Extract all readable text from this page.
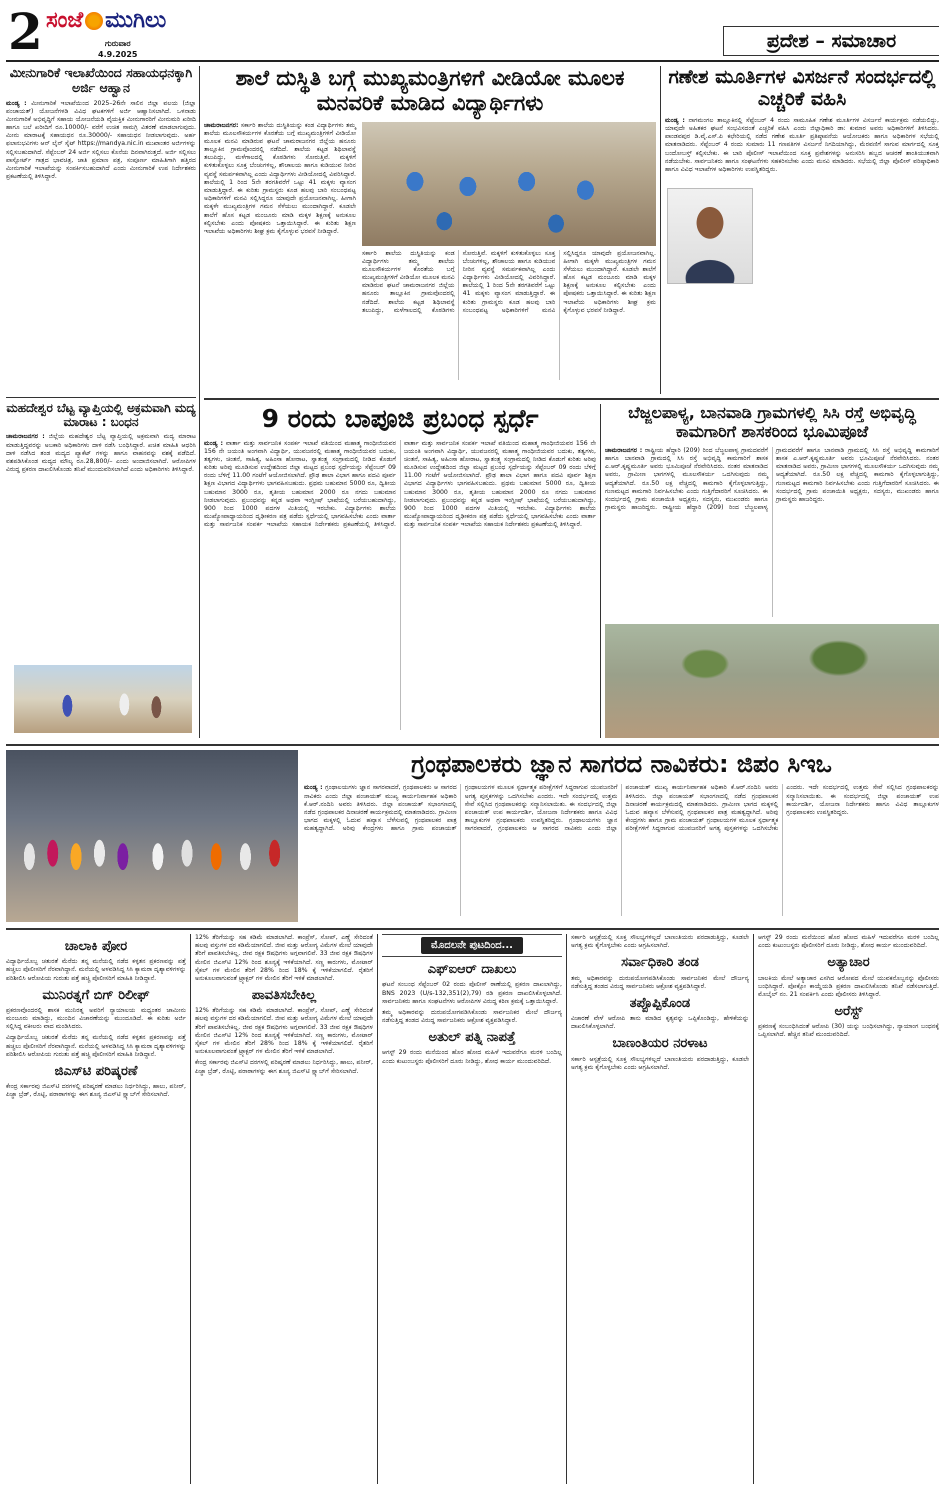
2 ಸಂಜೆ ಮುಗಿಲು
ಗುರುವಾರ
4.9.2025
ಪ್ರದೇಶ – ಸಮಾಚಾರ
ಮೀನುಗಾರಿಕೆ ಇಲಾಖೆಯಿಂದ ಸಹಾಯಧನಕ್ಕಾಗಿ ಅರ್ಜಿ ಆಹ್ವಾನ
ಮಂಡ್ಯ : ಮೀನುಗಾರಿಕೆ ಇಲಾಖೆಯಿಂದ 2025–26ನೇ ಸಾಲಿನ ಜಿಲ್ಲಾ ವಲಯ (ಜಿಲ್ಲಾ ಪಂಚಾಯತ್) ಯೋಜನೆಗಳಡಿ ವಿವಿಧ ಘಟಕಗಳಿಗೆ ಅರ್ಜಿ ಆಹ್ವಾನಿಸಲಾಗಿದೆ. ಒಳನಾಡು ಮೀನುಗಾರಿಕೆ ಅಭಿವೃದ್ಧಿಗೆ ಸಹಾಯ ಯೋಜನೆಯಡಿ ವೈಯಕ್ತಿಕ ಮೀನುಗಾರರಿಗೆ ಮೀನುಮರಿ ಖರೀದಿ ಹಾಗೂ ಬಲೆ ಖರೀದಿಗೆ ರೂ.10000/- ವರೆಗೆ ಉಚಿತ ಸಾಮಗ್ರಿ ವಿತರಣೆ ಮಾಡಲಾಗುವುದು. ಮೀನು ಮಾರಾಟಕ್ಕೆ ಸಹಾಯಧನ ರೂ.30000/- ಸಹಾಯಧನ ನೀಡಲಾಗುವುದು. ಅರ್ಹ ಫಲಾನುಭವಿಗಳು ಆನ್ ಲೈನ್ ಸೈಟ್ https://mandya.nic.in ಮುಖಾಂತರ ಅರ್ಜಿಗಳನ್ನು ಸಲ್ಲಿಸಬಹುದಾಗಿದೆ. ಸೆಪ್ಟೆಂಬರ್ 24 ಅರ್ಜಿ ಸಲ್ಲಿಸಲು ಕೊನೆಯ ದಿನವಾಗಿರುತ್ತದೆ. ಅರ್ಜಿ ಸಲ್ಲಿಸಲು ಪಾಸ್ಪೋರ್ಟ್ ಗಾತ್ರದ ಭಾವಚಿತ್ರ, ಜಾತಿ ಪ್ರಮಾಣ ಪತ್ರ, ಸಂಪೂರ್ಣ ಮಾಹಿತಿಗಾಗಿ ಹತ್ತಿರದ ಮೀನುಗಾರಿಕೆ ಇಲಾಖೆಯನ್ನು ಸಂಪರ್ಕಿಸಬಹುದಾಗಿದೆ ಎಂದು ಮೀನುಗಾರಿಕೆ ಉಪ ನಿರ್ದೇಶಕರು ಪ್ರಕಟಣೆಯಲ್ಲಿ ತಿಳಿಸಿದ್ದಾರೆ.
ಮಹದೇಶ್ವರ ಬೆಟ್ಟ ವ್ಯಾಪ್ತಿಯಲ್ಲಿ ಅಕ್ರಮವಾಗಿ ಮದ್ಯ ಮಾರಾಟ : ಬಂಧನ
ಚಾಮರಾಜನಗರ : ಜಿಲ್ಲೆಯ ಮಹದೇಶ್ವರ ಬೆಟ್ಟ ವ್ಯಾಪ್ತಿಯಲ್ಲಿ ಅಕ್ರಮವಾಗಿ ಮದ್ಯ ಮಾರಾಟ ಮಾಡುತ್ತಿದ್ದವರನ್ನು ಅಬಕಾರಿ ಅಧಿಕಾರಿಗಳು ದಾಳಿ ನಡೆಸಿ ಬಂಧಿಸಿದ್ದಾರೆ. ಖಚಿತ ಮಾಹಿತಿ ಆಧರಿಸಿ ದಾಳಿ ನಡೆಸಿದ ತಂಡ ಮದ್ಯದ ಪ್ಯಾಕೆಟ್ ಗಳನ್ನು ಹಾಗೂ ವಾಹನವನ್ನು ವಶಕ್ಕೆ ಪಡೆದಿದೆ. ವಶಪಡಿಸಿಕೊಂಡ ಮದ್ಯದ ಮೌಲ್ಯ ರೂ.28,800/– ಎಂದು ಅಂದಾಜಿಸಲಾಗಿದೆ. ಆರೋಪಿಗಳ ವಿರುದ್ಧ ಪ್ರಕರಣ ದಾಖಲಿಸಿಕೊಂಡು ತನಿಖೆ ಮುಂದುವರಿಸಲಾಗಿದೆ ಎಂದು ಅಧಿಕಾರಿಗಳು ತಿಳಿಸಿದ್ದಾರೆ.
ಶಾಲೆ ದುಸ್ಥಿತಿ ಬಗ್ಗೆ ಮುಖ್ಯಮಂತ್ರಿಗಳಿಗೆ ವೀಡಿಯೋ ಮೂಲಕ ಮನವರಿಕೆ ಮಾಡಿದ ವಿದ್ಯಾರ್ಥಿಗಳು
ಚಾಮರಾಜನಗರ: ಸರ್ಕಾರಿ ಶಾಲೆಯ ದುಸ್ಥಿತಿಯನ್ನು ಕಂಡ ವಿದ್ಯಾರ್ಥಿಗಳು ತಮ್ಮ ಶಾಲೆಯ ಮೂಲಸೌಕರ್ಯಗಳ ಕೊರತೆಯ ಬಗ್ಗೆ ಮುಖ್ಯಮಂತ್ರಿಗಳಿಗೆ ವೀಡಿಯೋ ಮೂಲಕ ಮನವಿ ಮಾಡಿರುವ ಘಟನೆ ಚಾಮರಾಜನಗರ ಜಿಲ್ಲೆಯ ಹನೂರು ತಾಲ್ಲೂಕಿನ ಗ್ರಾಮವೊಂದರಲ್ಲಿ ನಡೆದಿದೆ. ಶಾಲೆಯ ಕಟ್ಟಡ ಶಿಥಿಲಾವಸ್ಥೆ ತಲುಪಿದ್ದು, ಮಳೆಗಾಲದಲ್ಲಿ ಕೊಠಡಿಗಳು ಸೋರುತ್ತಿವೆ. ಮಕ್ಕಳಿಗೆ ಕುಳಿತುಕೊಳ್ಳಲು ಸೂಕ್ತ ಬೆಂಚುಗಳಿಲ್ಲ, ಶೌಚಾಲಯ ಹಾಗೂ ಕುಡಿಯುವ ನೀರಿನ ವ್ಯವಸ್ಥೆ ಸಮರ್ಪಕವಾಗಿಲ್ಲ ಎಂದು ವಿದ್ಯಾರ್ಥಿಗಳು ವೀಡಿಯೋದಲ್ಲಿ ವಿವರಿಸಿದ್ದಾರೆ. ಶಾಲೆಯಲ್ಲಿ 1 ರಿಂದ 5ನೇ ತರಗತಿವರೆಗೆ ಒಟ್ಟು 41 ಮಕ್ಕಳು ವ್ಯಾಸಂಗ ಮಾಡುತ್ತಿದ್ದಾರೆ. ಈ ಕುರಿತು ಗ್ರಾಮಸ್ಥರು ಕೂಡ ಹಲವು ಬಾರಿ ಸಂಬಂಧಪಟ್ಟ ಅಧಿಕಾರಿಗಳಿಗೆ ಮನವಿ ಸಲ್ಲಿಸಿದ್ದರೂ ಯಾವುದೇ ಪ್ರಯೋಜನವಾಗಿಲ್ಲ. ಹೀಗಾಗಿ ಮಕ್ಕಳೇ ಮುಖ್ಯಮಂತ್ರಿಗಳ ಗಮನ ಸೆಳೆಯಲು ಮುಂದಾಗಿದ್ದಾರೆ. ಕೂಡಲೇ ಶಾಲೆಗೆ ಹೊಸ ಕಟ್ಟಡ ಮಂಜೂರು ಮಾಡಿ ಮಕ್ಕಳ ಶಿಕ್ಷಣಕ್ಕೆ ಅನುಕೂಲ ಕಲ್ಪಿಸಬೇಕು ಎಂದು ಪೋಷಕರು ಒತ್ತಾಯಿಸಿದ್ದಾರೆ. ಈ ಕುರಿತು ಶಿಕ್ಷಣ ಇಲಾಖೆಯ ಅಧಿಕಾರಿಗಳು ಶೀಘ್ರ ಕ್ರಮ ಕೈಗೊಳ್ಳುವ ಭರವಸೆ ನೀಡಿದ್ದಾರೆ.
ಸರ್ಕಾರಿ ಶಾಲೆಯ ದುಸ್ಥಿತಿಯನ್ನು ಕಂಡ ವಿದ್ಯಾರ್ಥಿಗಳು ತಮ್ಮ ಶಾಲೆಯ ಮೂಲಸೌಕರ್ಯಗಳ ಕೊರತೆಯ ಬಗ್ಗೆ ಮುಖ್ಯಮಂತ್ರಿಗಳಿಗೆ ವೀಡಿಯೋ ಮೂಲಕ ಮನವಿ ಮಾಡಿರುವ ಘಟನೆ ಚಾಮರಾಜನಗರ ಜಿಲ್ಲೆಯ ಹನೂರು ತಾಲ್ಲೂಕಿನ ಗ್ರಾಮವೊಂದರಲ್ಲಿ ನಡೆದಿದೆ. ಶಾಲೆಯ ಕಟ್ಟಡ ಶಿಥಿಲಾವಸ್ಥೆ ತಲುಪಿದ್ದು, ಮಳೆಗಾಲದಲ್ಲಿ ಕೊಠಡಿಗಳು ಸೋರುತ್ತಿವೆ. ಮಕ್ಕಳಿಗೆ ಕುಳಿತುಕೊಳ್ಳಲು ಸೂಕ್ತ ಬೆಂಚುಗಳಿಲ್ಲ, ಶೌಚಾಲಯ ಹಾಗೂ ಕುಡಿಯುವ ನೀರಿನ ವ್ಯವಸ್ಥೆ ಸಮರ್ಪಕವಾಗಿಲ್ಲ ಎಂದು ವಿದ್ಯಾರ್ಥಿಗಳು ವೀಡಿಯೋದಲ್ಲಿ ವಿವರಿಸಿದ್ದಾರೆ. ಶಾಲೆಯಲ್ಲಿ 1 ರಿಂದ 5ನೇ ತರಗತಿವರೆಗೆ ಒಟ್ಟು 41 ಮಕ್ಕಳು ವ್ಯಾಸಂಗ ಮಾಡುತ್ತಿದ್ದಾರೆ. ಈ ಕುರಿತು ಗ್ರಾಮಸ್ಥರು ಕೂಡ ಹಲವು ಬಾರಿ ಸಂಬಂಧಪಟ್ಟ ಅಧಿಕಾರಿಗಳಿಗೆ ಮನವಿ ಸಲ್ಲಿಸಿದ್ದರೂ ಯಾವುದೇ ಪ್ರಯೋಜನವಾಗಿಲ್ಲ. ಹೀಗಾಗಿ ಮಕ್ಕಳೇ ಮುಖ್ಯಮಂತ್ರಿಗಳ ಗಮನ ಸೆಳೆಯಲು ಮುಂದಾಗಿದ್ದಾರೆ. ಕೂಡಲೇ ಶಾಲೆಗೆ ಹೊಸ ಕಟ್ಟಡ ಮಂಜೂರು ಮಾಡಿ ಮಕ್ಕಳ ಶಿಕ್ಷಣಕ್ಕೆ ಅನುಕೂಲ ಕಲ್ಪಿಸಬೇಕು ಎಂದು ಪೋಷಕರು ಒತ್ತಾಯಿಸಿದ್ದಾರೆ. ಈ ಕುರಿತು ಶಿಕ್ಷಣ ಇಲಾಖೆಯ ಅಧಿಕಾರಿಗಳು ಶೀಘ್ರ ಕ್ರಮ ಕೈಗೊಳ್ಳುವ ಭರವಸೆ ನೀಡಿದ್ದಾರೆ.
ಗಣೇಶ ಮೂರ್ತಿಗಳ ವಿಸರ್ಜನೆ ಸಂದರ್ಭದಲ್ಲಿ ಎಚ್ಚರಿಕೆ ವಹಿಸಿ
ಮಂಡ್ಯ : ನಾಗಮಂಗಲ ತಾಲ್ಲೂಕಿನಲ್ಲಿ ಸೆಪ್ಟೆಂಬರ್ 4 ರಂದು ಸಾಮೂಹಿಕ ಗಣೇಶ ಮೂರ್ತಿಗಳ ವಿಸರ್ಜನೆ ಕಾರ್ಯಕ್ರಮ ನಡೆಯಲಿದ್ದು, ಯಾವುದೇ ಅಹಿತಕರ ಘಟನೆ ಸಂಭವಿಸದಂತೆ ಎಚ್ಚರಿಕೆ ವಹಿಸಿ ಎಂದು ಜಿಲ್ಲಾಧಿಕಾರಿ ಡಾ: ಕುಮಾರ ಅವರು ಅಧಿಕಾರಿಗಳಿಗೆ ತಿಳಿಸಿದರು. ಪಾಂಡವಪುರ ಡಿ.ವೈ.ಎಸ್.ಪಿ ಕಛೇರಿಯಲ್ಲಿ ನಡೆದ ಗಣೇಶ ಮೂರ್ತಿ ಪ್ರತಿಷ್ಠಾಪನೆಯ ಆಯೋಜಕರು ಹಾಗೂ ಅಧಿಕಾರಿಗಳ ಸಭೆಯಲ್ಲಿ ಮಾತನಾಡಿದರು. ಸೆಪ್ಟೆಂಬರ್ 4 ರಂದು ಸುಮಾರು 11 ಗಣಪತಿಗಳ ವಿಸರ್ಜನೆ ನಿಗದಿಯಾಗಿದ್ದು, ಮೆರವಣಿಗೆ ಸಾಗುವ ಮಾರ್ಗದಲ್ಲಿ ಸೂಕ್ತ ಬಂದೋಬಸ್ತ್ ಕಲ್ಪಿಸಬೇಕು. ಈ ಬಾರಿ ಪೊಲೀಸ್ ಇಲಾಖೆಯಿಂದ ಸೂಕ್ತ ಪ್ರವೇಶಗಳನ್ನು ಅನುಸರಿಸಿ ಹಬ್ಬದ ಆಚರಣೆ ಶಾಂತಿಯುತವಾಗಿ ನಡೆಯಬೇಕು. ಸಾರ್ವಜನಿಕರು ಹಾಗೂ ಸಂಘಟನೆಗಳು ಸಹಕರಿಸಬೇಕು ಎಂದು ಮನವಿ ಮಾಡಿದರು. ಸಭೆಯಲ್ಲಿ ಜಿಲ್ಲಾ ಪೊಲೀಸ್ ವರಿಷ್ಠಾಧಿಕಾರಿ ಹಾಗೂ ವಿವಿಧ ಇಲಾಖೆಗಳ ಅಧಿಕಾರಿಗಳು ಉಪಸ್ಥಿತರಿದ್ದರು.
9 ರಂದು ಬಾಪೂಜಿ ಪ್ರಬಂಧ ಸ್ಪರ್ಧೆ
ಮಂಡ್ಯ : ವಾರ್ತಾ ಮತ್ತು ಸಾರ್ವಜನಿಕ ಸಂಪರ್ಕ ಇಲಾಖೆ ವತಿಯಿಂದ ಮಹಾತ್ಮ ಗಾಂಧೀಜಿಯವರ 156 ನೇ ಜಯಂತಿ ಅಂಗವಾಗಿ ವಿದ್ಯಾರ್ಥಿ, ಯುವಜನರಲ್ಲಿ ಮಹಾತ್ಮ ಗಾಂಧೀಜಿಯವರ ಬದುಕು, ತತ್ವಗಳು, ಚಿಂತನೆ, ಸಾಹಿತ್ಯ, ಅಹಿಂಸಾ ಹೋರಾಟ, ಸ್ವಾತಂತ್ರ್ಯ ಸಂಗ್ರಾಮದಲ್ಲಿ ನೀಡಿದ ಕೊಡುಗೆ ಕುರಿತು ಅರಿವು ಮೂಡಿಸುವ ಉದ್ದೇಶದಿಂದ ಜಿಲ್ಲಾ ಮಟ್ಟದ ಪ್ರಬಂಧ ಸ್ಪರ್ಧೆಯನ್ನು ಸೆಪ್ಟೆಂಬರ್ 09 ರಂದು ಬೆಳಿಗ್ಗೆ 11.00 ಗಂಟೆಗೆ ಆಯೋಜಿಸಲಾಗಿದೆ. ಪ್ರೌಢ ಶಾಲಾ ವಿಭಾಗ ಹಾಗೂ ಪದವಿ ಪೂರ್ವ ಶಿಕ್ಷಣ ವಿಭಾಗದ ವಿದ್ಯಾರ್ಥಿಗಳು ಭಾಗವಹಿಸಬಹುದು. ಪ್ರಥಮ ಬಹುಮಾನ 5000 ರೂ, ದ್ವಿತೀಯ ಬಹುಮಾನ 3000 ರೂ, ತೃತೀಯ ಬಹುಮಾನ 2000 ರೂ ನಗದು ಬಹುಮಾನ ನೀಡಲಾಗುವುದು. ಪ್ರಬಂಧವನ್ನು ಕನ್ನಡ ಅಥವಾ ಇಂಗ್ಲೀಷ್ ಭಾಷೆಯಲ್ಲಿ ಬರೆಯಬಹುದಾಗಿದ್ದು, 900 ರಿಂದ 1000 ಪದಗಳ ಮಿತಿಯಲ್ಲಿ ಇರಬೇಕು. ವಿದ್ಯಾರ್ಥಿಗಳು ಶಾಲೆಯ ಮುಖ್ಯೋಪಾಧ್ಯಾಯರಿಂದ ದೃಢೀಕರಣ ಪತ್ರ ಪಡೆದು ಸ್ಪರ್ಧೆಯಲ್ಲಿ ಭಾಗವಹಿಸಬೇಕು ಎಂದು ವಾರ್ತಾ ಮತ್ತು ಸಾರ್ವಜನಿಕ ಸಂಪರ್ಕ ಇಲಾಖೆಯ ಸಹಾಯಕ ನಿರ್ದೇಶಕರು ಪ್ರಕಟಣೆಯಲ್ಲಿ ತಿಳಿಸಿದ್ದಾರೆ. ವಾರ್ತಾ ಮತ್ತು ಸಾರ್ವಜನಿಕ ಸಂಪರ್ಕ ಇಲಾಖೆ ವತಿಯಿಂದ ಮಹಾತ್ಮ ಗಾಂಧೀಜಿಯವರ 156 ನೇ ಜಯಂತಿ ಅಂಗವಾಗಿ ವಿದ್ಯಾರ್ಥಿ, ಯುವಜನರಲ್ಲಿ ಮಹಾತ್ಮ ಗಾಂಧೀಜಿಯವರ ಬದುಕು, ತತ್ವಗಳು, ಚಿಂತನೆ, ಸಾಹಿತ್ಯ, ಅಹಿಂಸಾ ಹೋರಾಟ, ಸ್ವಾತಂತ್ರ್ಯ ಸಂಗ್ರಾಮದಲ್ಲಿ ನೀಡಿದ ಕೊಡುಗೆ ಕುರಿತು ಅರಿವು ಮೂಡಿಸುವ ಉದ್ದೇಶದಿಂದ ಜಿಲ್ಲಾ ಮಟ್ಟದ ಪ್ರಬಂಧ ಸ್ಪರ್ಧೆಯನ್ನು ಸೆಪ್ಟೆಂಬರ್ 09 ರಂದು ಬೆಳಿಗ್ಗೆ 11.00 ಗಂಟೆಗೆ ಆಯೋಜಿಸಲಾಗಿದೆ. ಪ್ರೌಢ ಶಾಲಾ ವಿಭಾಗ ಹಾಗೂ ಪದವಿ ಪೂರ್ವ ಶಿಕ್ಷಣ ವಿಭಾಗದ ವಿದ್ಯಾರ್ಥಿಗಳು ಭಾಗವಹಿಸಬಹುದು. ಪ್ರಥಮ ಬಹುಮಾನ 5000 ರೂ, ದ್ವಿತೀಯ ಬಹುಮಾನ 3000 ರೂ, ತೃತೀಯ ಬಹುಮಾನ 2000 ರೂ ನಗದು ಬಹುಮಾನ ನೀಡಲಾಗುವುದು. ಪ್ರಬಂಧವನ್ನು ಕನ್ನಡ ಅಥವಾ ಇಂಗ್ಲೀಷ್ ಭಾಷೆಯಲ್ಲಿ ಬರೆಯಬಹುದಾಗಿದ್ದು, 900 ರಿಂದ 1000 ಪದಗಳ ಮಿತಿಯಲ್ಲಿ ಇರಬೇಕು. ವಿದ್ಯಾರ್ಥಿಗಳು ಶಾಲೆಯ ಮುಖ್ಯೋಪಾಧ್ಯಾಯರಿಂದ ದೃಢೀಕರಣ ಪತ್ರ ಪಡೆದು ಸ್ಪರ್ಧೆಯಲ್ಲಿ ಭಾಗವಹಿಸಬೇಕು ಎಂದು ವಾರ್ತಾ ಮತ್ತು ಸಾರ್ವಜನಿಕ ಸಂಪರ್ಕ ಇಲಾಖೆಯ ಸಹಾಯಕ ನಿರ್ದೇಶಕರು ಪ್ರಕಟಣೆಯಲ್ಲಿ ತಿಳಿಸಿದ್ದಾರೆ.
ಬೆಜ್ಜಲಪಾಳ್ಯ, ಬಾನವಾಡಿ ಗ್ರಾಮಗಳಲ್ಲಿ ಸಿಸಿ ರಸ್ತೆ ಅಭಿವೃದ್ಧಿ ಕಾಮಗಾರಿಗೆ ಶಾಸಕರಿಂದ ಭೂಮಿಪೂಜೆ
ಚಾಮರಾಜನಗರ : ರಾಷ್ಟ್ರೀಯ ಹೆದ್ದಾರಿ (209) ರಿಂದ ಬೆಜ್ಜಲಪಾಳ್ಯ ಗ್ರಾಮದವರೆಗೆ ಹಾಗೂ ಬಾನವಾಡಿ ಗ್ರಾಮದಲ್ಲಿ ಸಿಸಿ ರಸ್ತೆ ಅಭಿವೃದ್ಧಿ ಕಾಮಗಾರಿಗೆ ಶಾಸಕ ಎ.ಆರ್.ಕೃಷ್ಣಮೂರ್ತಿ ಅವರು ಭೂಮಿಪೂಜೆ ನೆರವೇರಿಸಿದರು. ನಂತರ ಮಾತನಾಡಿದ ಅವರು, ಗ್ರಾಮೀಣ ಭಾಗಗಳಲ್ಲಿ ಮೂಲಸೌಕರ್ಯ ಒದಗಿಸುವುದು ನಮ್ಮ ಆದ್ಯತೆಯಾಗಿದೆ. ರೂ.50 ಲಕ್ಷ ವೆಚ್ಚದಲ್ಲಿ ಕಾಮಗಾರಿ ಕೈಗೊಳ್ಳಲಾಗುತ್ತಿದ್ದು, ಗುಣಮಟ್ಟದ ಕಾಮಗಾರಿ ನಿರ್ವಹಿಸಬೇಕು ಎಂದು ಗುತ್ತಿಗೆದಾರರಿಗೆ ಸೂಚಿಸಿದರು. ಈ ಸಂದರ್ಭದಲ್ಲಿ ಗ್ರಾಮ ಪಂಚಾಯಿತಿ ಅಧ್ಯಕ್ಷರು, ಸದಸ್ಯರು, ಮುಖಂಡರು ಹಾಗೂ ಗ್ರಾಮಸ್ಥರು ಹಾಜರಿದ್ದರು. ರಾಷ್ಟ್ರೀಯ ಹೆದ್ದಾರಿ (209) ರಿಂದ ಬೆಜ್ಜಲಪಾಳ್ಯ ಗ್ರಾಮದವರೆಗೆ ಹಾಗೂ ಬಾನವಾಡಿ ಗ್ರಾಮದಲ್ಲಿ ಸಿಸಿ ರಸ್ತೆ ಅಭಿವೃದ್ಧಿ ಕಾಮಗಾರಿಗೆ ಶಾಸಕ ಎ.ಆರ್.ಕೃಷ್ಣಮೂರ್ತಿ ಅವರು ಭೂಮಿಪೂಜೆ ನೆರವೇರಿಸಿದರು. ನಂತರ ಮಾತನಾಡಿದ ಅವರು, ಗ್ರಾಮೀಣ ಭಾಗಗಳಲ್ಲಿ ಮೂಲಸೌಕರ್ಯ ಒದಗಿಸುವುದು ನಮ್ಮ ಆದ್ಯತೆಯಾಗಿದೆ. ರೂ.50 ಲಕ್ಷ ವೆಚ್ಚದಲ್ಲಿ ಕಾಮಗಾರಿ ಕೈಗೊಳ್ಳಲಾಗುತ್ತಿದ್ದು, ಗುಣಮಟ್ಟದ ಕಾಮಗಾರಿ ನಿರ್ವಹಿಸಬೇಕು ಎಂದು ಗುತ್ತಿಗೆದಾರರಿಗೆ ಸೂಚಿಸಿದರು. ಈ ಸಂದರ್ಭದಲ್ಲಿ ಗ್ರಾಮ ಪಂಚಾಯಿತಿ ಅಧ್ಯಕ್ಷರು, ಸದಸ್ಯರು, ಮುಖಂಡರು ಹಾಗೂ ಗ್ರಾಮಸ್ಥರು ಹಾಜರಿದ್ದರು.
ಗ್ರಂಥಪಾಲಕರು ಜ್ಞಾನ ಸಾಗರದ ನಾವಿಕರು: ಜಿಪಂ ಸಿಇಒ
ಮಂಡ್ಯ : ಗ್ರಂಥಾಲಯಗಳು ಜ್ಞಾನ ಸಾಗರವಾದರೆ, ಗ್ರಂಥಪಾಲಕರು ಆ ಸಾಗರದ ನಾವಿಕರು ಎಂದು ಜಿಲ್ಲಾ ಪಂಚಾಯತ್ ಮುಖ್ಯ ಕಾರ್ಯನಿರ್ವಾಹಕ ಅಧಿಕಾರಿ ಕೆ.ಆರ್.ನಂದಿನಿ ಅವರು ತಿಳಿಸಿದರು. ಜಿಲ್ಲಾ ಪಂಚಾಯತ್ ಸಭಾಂಗಣದಲ್ಲಿ ನಡೆದ ಗ್ರಂಥಪಾಲಕರ ದಿನಾಚರಣೆ ಕಾರ್ಯಕ್ರಮದಲ್ಲಿ ಮಾತನಾಡಿದರು. ಗ್ರಾಮೀಣ ಭಾಗದ ಮಕ್ಕಳಲ್ಲಿ ಓದುವ ಹವ್ಯಾಸ ಬೆಳೆಸುವಲ್ಲಿ ಗ್ರಂಥಪಾಲಕರ ಪಾತ್ರ ಮಹತ್ವದ್ದಾಗಿದೆ. ಅರಿವು ಕೇಂದ್ರಗಳು ಹಾಗೂ ಗ್ರಾಮ ಪಂಚಾಯತ್ ಗ್ರಂಥಾಲಯಗಳ ಮೂಲಕ ಸ್ಪರ್ಧಾತ್ಮಕ ಪರೀಕ್ಷೆಗಳಿಗೆ ಸಿದ್ಧರಾಗುವ ಯುವಜನರಿಗೆ ಅಗತ್ಯ ಪುಸ್ತಕಗಳನ್ನು ಒದಗಿಸಬೇಕು ಎಂದರು. ಇದೇ ಸಂದರ್ಭದಲ್ಲಿ ಉತ್ತಮ ಸೇವೆ ಸಲ್ಲಿಸಿದ ಗ್ರಂಥಪಾಲಕರನ್ನು ಸನ್ಮಾನಿಸಲಾಯಿತು. ಈ ಸಂದರ್ಭದಲ್ಲಿ ಜಿಲ್ಲಾ ಪಂಚಾಯತ್ ಉಪ ಕಾರ್ಯದರ್ಶಿ, ಯೋಜನಾ ನಿರ್ದೇಶಕರು ಹಾಗೂ ವಿವಿಧ ತಾಲ್ಲೂಕುಗಳ ಗ್ರಂಥಪಾಲಕರು ಉಪಸ್ಥಿತರಿದ್ದರು. ಗ್ರಂಥಾಲಯಗಳು ಜ್ಞಾನ ಸಾಗರವಾದರೆ, ಗ್ರಂಥಪಾಲಕರು ಆ ಸಾಗರದ ನಾವಿಕರು ಎಂದು ಜಿಲ್ಲಾ ಪಂಚಾಯತ್ ಮುಖ್ಯ ಕಾರ್ಯನಿರ್ವಾಹಕ ಅಧಿಕಾರಿ ಕೆ.ಆರ್.ನಂದಿನಿ ಅವರು ತಿಳಿಸಿದರು. ಜಿಲ್ಲಾ ಪಂಚಾಯತ್ ಸಭಾಂಗಣದಲ್ಲಿ ನಡೆದ ಗ್ರಂಥಪಾಲಕರ ದಿನಾಚರಣೆ ಕಾರ್ಯಕ್ರಮದಲ್ಲಿ ಮಾತನಾಡಿದರು. ಗ್ರಾಮೀಣ ಭಾಗದ ಮಕ್ಕಳಲ್ಲಿ ಓದುವ ಹವ್ಯಾಸ ಬೆಳೆಸುವಲ್ಲಿ ಗ್ರಂಥಪಾಲಕರ ಪಾತ್ರ ಮಹತ್ವದ್ದಾಗಿದೆ. ಅರಿವು ಕೇಂದ್ರಗಳು ಹಾಗೂ ಗ್ರಾಮ ಪಂಚಾಯತ್ ಗ್ರಂಥಾಲಯಗಳ ಮೂಲಕ ಸ್ಪರ್ಧಾತ್ಮಕ ಪರೀಕ್ಷೆಗಳಿಗೆ ಸಿದ್ಧರಾಗುವ ಯುವಜನರಿಗೆ ಅಗತ್ಯ ಪುಸ್ತಕಗಳನ್ನು ಒದಗಿಸಬೇಕು ಎಂದರು. ಇದೇ ಸಂದರ್ಭದಲ್ಲಿ ಉತ್ತಮ ಸೇವೆ ಸಲ್ಲಿಸಿದ ಗ್ರಂಥಪಾಲಕರನ್ನು ಸನ್ಮಾನಿಸಲಾಯಿತು. ಈ ಸಂದರ್ಭದಲ್ಲಿ ಜಿಲ್ಲಾ ಪಂಚಾಯತ್ ಉಪ ಕಾರ್ಯದರ್ಶಿ, ಯೋಜನಾ ನಿರ್ದೇಶಕರು ಹಾಗೂ ವಿವಿಧ ತಾಲ್ಲೂಕುಗಳ ಗ್ರಂಥಪಾಲಕರು ಉಪಸ್ಥಿತರಿದ್ದರು.
ಚಾಲಾಕಿ ಪೋರ
ವಿದ್ಯಾರ್ಥಿಯೊಬ್ಬ ಚತುರತೆ ಮೆರೆದು ತನ್ನ ಮನೆಯಲ್ಲಿ ನಡೆದ ಕಳ್ಳತನ ಪ್ರಕರಣವನ್ನು ಪತ್ತೆ ಹಚ್ಚಲು ಪೊಲೀಸರಿಗೆ ನೆರವಾಗಿದ್ದಾನೆ. ಮನೆಯಲ್ಲಿ ಅಳವಡಿಸಿದ್ದ ಸಿಸಿ ಕ್ಯಾಮರಾ ದೃಶ್ಯಾವಳಿಗಳನ್ನು ಪರಿಶೀಲಿಸಿ ಆರೋಪಿಯ ಗುರುತು ಪತ್ತೆ ಹಚ್ಚಿ ಪೊಲೀಸರಿಗೆ ಮಾಹಿತಿ ನೀಡಿದ್ದಾನೆ.
ಮುನಿರತ್ನಗೆ ಬಿಗ್ ರಿಲೀಫ್
ಪ್ರಕರಣವೊಂದರಲ್ಲಿ ಶಾಸಕ ಮುನಿರತ್ನ ಅವರಿಗೆ ನ್ಯಾಯಾಲಯ ಮಧ್ಯಂತರ ಜಾಮೀನು ಮಂಜೂರು ಮಾಡಿದ್ದು, ಮುಂದಿನ ವಿಚಾರಣೆಯನ್ನು ಮುಂದೂಡಿದೆ. ಈ ಕುರಿತು ಅರ್ಜಿ ಸಲ್ಲಿಸಿದ್ದ ವಕೀಲರು ವಾದ ಮಂಡಿಸಿದರು.
ವಿದ್ಯಾರ್ಥಿಯೊಬ್ಬ ಚತುರತೆ ಮೆರೆದು ತನ್ನ ಮನೆಯಲ್ಲಿ ನಡೆದ ಕಳ್ಳತನ ಪ್ರಕರಣವನ್ನು ಪತ್ತೆ ಹಚ್ಚಲು ಪೊಲೀಸರಿಗೆ ನೆರವಾಗಿದ್ದಾನೆ. ಮನೆಯಲ್ಲಿ ಅಳವಡಿಸಿದ್ದ ಸಿಸಿ ಕ್ಯಾಮರಾ ದೃಶ್ಯಾವಳಿಗಳನ್ನು ಪರಿಶೀಲಿಸಿ ಆರೋಪಿಯ ಗುರುತು ಪತ್ತೆ ಹಚ್ಚಿ ಪೊಲೀಸರಿಗೆ ಮಾಹಿತಿ ನೀಡಿದ್ದಾನೆ.
ಜಿಎಸ್‌ಟಿ ಪರಿಷ್ಕರಣೆ
ಕೇಂದ್ರ ಸರ್ಕಾರವು ಜಿಎಸ್‌ಟಿ ದರಗಳಲ್ಲಿ ಪರಿಷ್ಕರಣೆ ಮಾಡಲು ನಿರ್ಧರಿಸಿದ್ದು, ಹಾಲು, ಪನೀರ್, ಪಿಜ್ಜಾ ಬ್ರೆಡ್, ರೊಟ್ಟಿ, ಪರಾಠಾಗಳನ್ನು ಈಗ ಶೂನ್ಯ ಜಿಎಸ್‌ಟಿ ಸ್ಲ್ಯಾಬ್‌ಗೆ ಸೇರಿಸಲಾಗಿದೆ.
12% ತೆರಿಗೆಯನ್ನು ಸಹ ಕಡಿಮೆ ಮಾಡಲಾಗಿದೆ. ಕಾಂಪ್ರೆಸ್, ಸೋಪ್, ಎಣ್ಣೆ ಸೇರಿದಂತೆ ಹಲವು ವಸ್ತುಗಳ ದರ ಕಡಿಮೆಯಾಗಲಿದೆ. ಜೀವ ಮತ್ತು ಆರೋಗ್ಯ ವಿಮೆಗಳ ಮೇಲೆ ಯಾವುದೇ ತೆರಿಗೆ ಪಾವತಿಸಬೇಕಿಲ್ಲ. ಜೀವ ರಕ್ಷಕ ಔಷಧಿಗಳು ಅಗ್ಗವಾಗಲಿವೆ. 33 ಜೀವ ರಕ್ಷಕ ಔಷಧಿಗಳ ಮೇಲಿನ ಜಿಎಸ್‌ಟಿ 12% ರಿಂದ ಶೂನ್ಯಕ್ಕೆ ಇಳಿಕೆಯಾಗಿದೆ. ಸಣ್ಣ ಕಾರುಗಳು, ಮೋಟಾರ್ ಸೈಕಲ್ ಗಳ ಮೇಲಿನ ತೆರಿಗೆ 28% ರಿಂದ 18% ಕ್ಕೆ ಇಳಿಕೆಯಾಗಲಿದೆ. ರೈತರಿಗೆ ಅನುಕೂಲವಾಗುವಂತೆ ಟ್ರ್ಯಾಕ್ಟರ್ ಗಳ ಮೇಲಿನ ತೆರಿಗೆ ಇಳಿಕೆ ಮಾಡಲಾಗಿದೆ.
ಪಾವತಿಸಬೇಕಿಲ್ಲ
12% ತೆರಿಗೆಯನ್ನು ಸಹ ಕಡಿಮೆ ಮಾಡಲಾಗಿದೆ. ಕಾಂಪ್ರೆಸ್, ಸೋಪ್, ಎಣ್ಣೆ ಸೇರಿದಂತೆ ಹಲವು ವಸ್ತುಗಳ ದರ ಕಡಿಮೆಯಾಗಲಿದೆ. ಜೀವ ಮತ್ತು ಆರೋಗ್ಯ ವಿಮೆಗಳ ಮೇಲೆ ಯಾವುದೇ ತೆರಿಗೆ ಪಾವತಿಸಬೇಕಿಲ್ಲ. ಜೀವ ರಕ್ಷಕ ಔಷಧಿಗಳು ಅಗ್ಗವಾಗಲಿವೆ. 33 ಜೀವ ರಕ್ಷಕ ಔಷಧಿಗಳ ಮೇಲಿನ ಜಿಎಸ್‌ಟಿ 12% ರಿಂದ ಶೂನ್ಯಕ್ಕೆ ಇಳಿಕೆಯಾಗಿದೆ. ಸಣ್ಣ ಕಾರುಗಳು, ಮೋಟಾರ್ ಸೈಕಲ್ ಗಳ ಮೇಲಿನ ತೆರಿಗೆ 28% ರಿಂದ 18% ಕ್ಕೆ ಇಳಿಕೆಯಾಗಲಿದೆ. ರೈತರಿಗೆ ಅನುಕೂಲವಾಗುವಂತೆ ಟ್ರ್ಯಾಕ್ಟರ್ ಗಳ ಮೇಲಿನ ತೆರಿಗೆ ಇಳಿಕೆ ಮಾಡಲಾಗಿದೆ.
ಕೇಂದ್ರ ಸರ್ಕಾರವು ಜಿಎಸ್‌ಟಿ ದರಗಳಲ್ಲಿ ಪರಿಷ್ಕರಣೆ ಮಾಡಲು ನಿರ್ಧರಿಸಿದ್ದು, ಹಾಲು, ಪನೀರ್, ಪಿಜ್ಜಾ ಬ್ರೆಡ್, ರೊಟ್ಟಿ, ಪರಾಠಾಗಳನ್ನು ಈಗ ಶೂನ್ಯ ಜಿಎಸ್‌ಟಿ ಸ್ಲ್ಯಾಬ್‌ಗೆ ಸೇರಿಸಲಾಗಿದೆ.
ಮೊದಲನೇ ಪುಟದಿಂದ...
ಎಫ್‌ಐಆರ್ ದಾಖಲು
ಘಟನೆ ಸಂಬಂಧ ಸೆಪ್ಟೆಂಬರ್ 02 ರಂದು ಪೊಲೀಸ್ ಠಾಣೆಯಲ್ಲಿ ಪ್ರಕರಣ ದಾಖಲಾಗಿದ್ದು, BNS 2023 (U/s-132,351(2),79) ರಡಿ ಪ್ರಕರಣ ದಾಖಲಿಸಿಕೊಳ್ಳಲಾಗಿದೆ. ಸಾರ್ವಜನಿಕರು ಹಾಗೂ ಸಂಘಟನೆಗಳು ಆರೋಪಿಗಳ ವಿರುದ್ಧ ಕಠಿಣ ಕ್ರಮಕ್ಕೆ ಒತ್ತಾಯಿಸಿದ್ದಾರೆ.
ತಮ್ಮ ಅಧಿಕಾರವನ್ನು ದುರುಪಯೋಗಪಡಿಸಿಕೊಂಡು ಸಾರ್ವಜನಿಕರ ಮೇಲೆ ದೌರ್ಜನ್ಯ ನಡೆಸುತ್ತಿದ್ದ ತಂಡದ ವಿರುದ್ಧ ಸಾರ್ವಜನಿಕರು ಆಕ್ರೋಶ ವ್ಯಕ್ತಪಡಿಸಿದ್ದಾರೆ.
ಅತುಲ್ ಪತ್ನಿ ನಾಪತ್ತೆ
ಆಗಸ್ಟ್ 29 ರಂದು ಮನೆಯಿಂದ ಹೊರ ಹೋದ ಮಹಿಳೆ ಇದುವರೆಗೂ ಮರಳಿ ಬಂದಿಲ್ಲ ಎಂದು ಕುಟುಂಬಸ್ಥರು ಪೊಲೀಸರಿಗೆ ದೂರು ನೀಡಿದ್ದು, ಶೋಧ ಕಾರ್ಯ ಮುಂದುವರಿದಿದೆ.
ಸರ್ಕಾರಿ ಆಸ್ಪತ್ರೆಯಲ್ಲಿ ಸೂಕ್ತ ಸೌಲಭ್ಯಗಳಿಲ್ಲದೆ ಬಾಣಂತಿಯರು ಪರದಾಡುತ್ತಿದ್ದು, ಕೂಡಲೇ ಅಗತ್ಯ ಕ್ರಮ ಕೈಗೊಳ್ಳಬೇಕು ಎಂದು ಆಗ್ರಹಿಸಲಾಗಿದೆ.
ಸರ್ವಾಧಿಕಾರಿ ತಂಡ
ತಮ್ಮ ಅಧಿಕಾರವನ್ನು ದುರುಪಯೋಗಪಡಿಸಿಕೊಂಡು ಸಾರ್ವಜನಿಕರ ಮೇಲೆ ದೌರ್ಜನ್ಯ ನಡೆಸುತ್ತಿದ್ದ ತಂಡದ ವಿರುದ್ಧ ಸಾರ್ವಜನಿಕರು ಆಕ್ರೋಶ ವ್ಯಕ್ತಪಡಿಸಿದ್ದಾರೆ.
ತಪ್ಪೊಪ್ಪಿಕೊಂಡ
ವಿಚಾರಣೆ ವೇಳೆ ಆರೋಪಿ ತಾನು ಮಾಡಿದ ಕೃತ್ಯವನ್ನು ಒಪ್ಪಿಕೊಂಡಿದ್ದು, ಹೇಳಿಕೆಯನ್ನು ದಾಖಲಿಸಿಕೊಳ್ಳಲಾಗಿದೆ.
ಬಾಣಂತಿಯರ ನರಳಾಟ
ಸರ್ಕಾರಿ ಆಸ್ಪತ್ರೆಯಲ್ಲಿ ಸೂಕ್ತ ಸೌಲಭ್ಯಗಳಿಲ್ಲದೆ ಬಾಣಂತಿಯರು ಪರದಾಡುತ್ತಿದ್ದು, ಕೂಡಲೇ ಅಗತ್ಯ ಕ್ರಮ ಕೈಗೊಳ್ಳಬೇಕು ಎಂದು ಆಗ್ರಹಿಸಲಾಗಿದೆ.
ಆಗಸ್ಟ್ 29 ರಂದು ಮನೆಯಿಂದ ಹೊರ ಹೋದ ಮಹಿಳೆ ಇದುವರೆಗೂ ಮರಳಿ ಬಂದಿಲ್ಲ ಎಂದು ಕುಟುಂಬಸ್ಥರು ಪೊಲೀಸರಿಗೆ ದೂರು ನೀಡಿದ್ದು, ಶೋಧ ಕಾರ್ಯ ಮುಂದುವರಿದಿದೆ.
ಅತ್ಯಾಚಾರ
ಬಾಲಕಿಯ ಮೇಲೆ ಅತ್ಯಾಚಾರ ಎಸಗಿದ ಆರೋಪದ ಮೇಲೆ ಯುವಕನೊಬ್ಬನನ್ನು ಪೊಲೀಸರು ಬಂಧಿಸಿದ್ದಾರೆ. ಪೋಕ್ಸೋ ಕಾಯ್ದೆಯಡಿ ಪ್ರಕರಣ ದಾಖಲಿಸಿಕೊಂಡು ತನಿಖೆ ನಡೆಸಲಾಗುತ್ತಿದೆ. ಮೊಬೈಲ್ ನಂ. 21 ಸಂಪರ್ಕಿಸಿ ಎಂದು ಪೊಲೀಸರು ತಿಳಿಸಿದ್ದಾರೆ.
ಅರೆಸ್ಟ್
ಪ್ರಕರಣಕ್ಕೆ ಸಂಬಂಧಿಸಿದಂತೆ ಆರೋಪಿ (30) ಯನ್ನು ಬಂಧಿಸಲಾಗಿದ್ದು, ನ್ಯಾಯಾಂಗ ಬಂಧನಕ್ಕೆ ಒಪ್ಪಿಸಲಾಗಿದೆ. ಹೆಚ್ಚಿನ ತನಿಖೆ ಮುಂದುವರಿದಿದೆ.
